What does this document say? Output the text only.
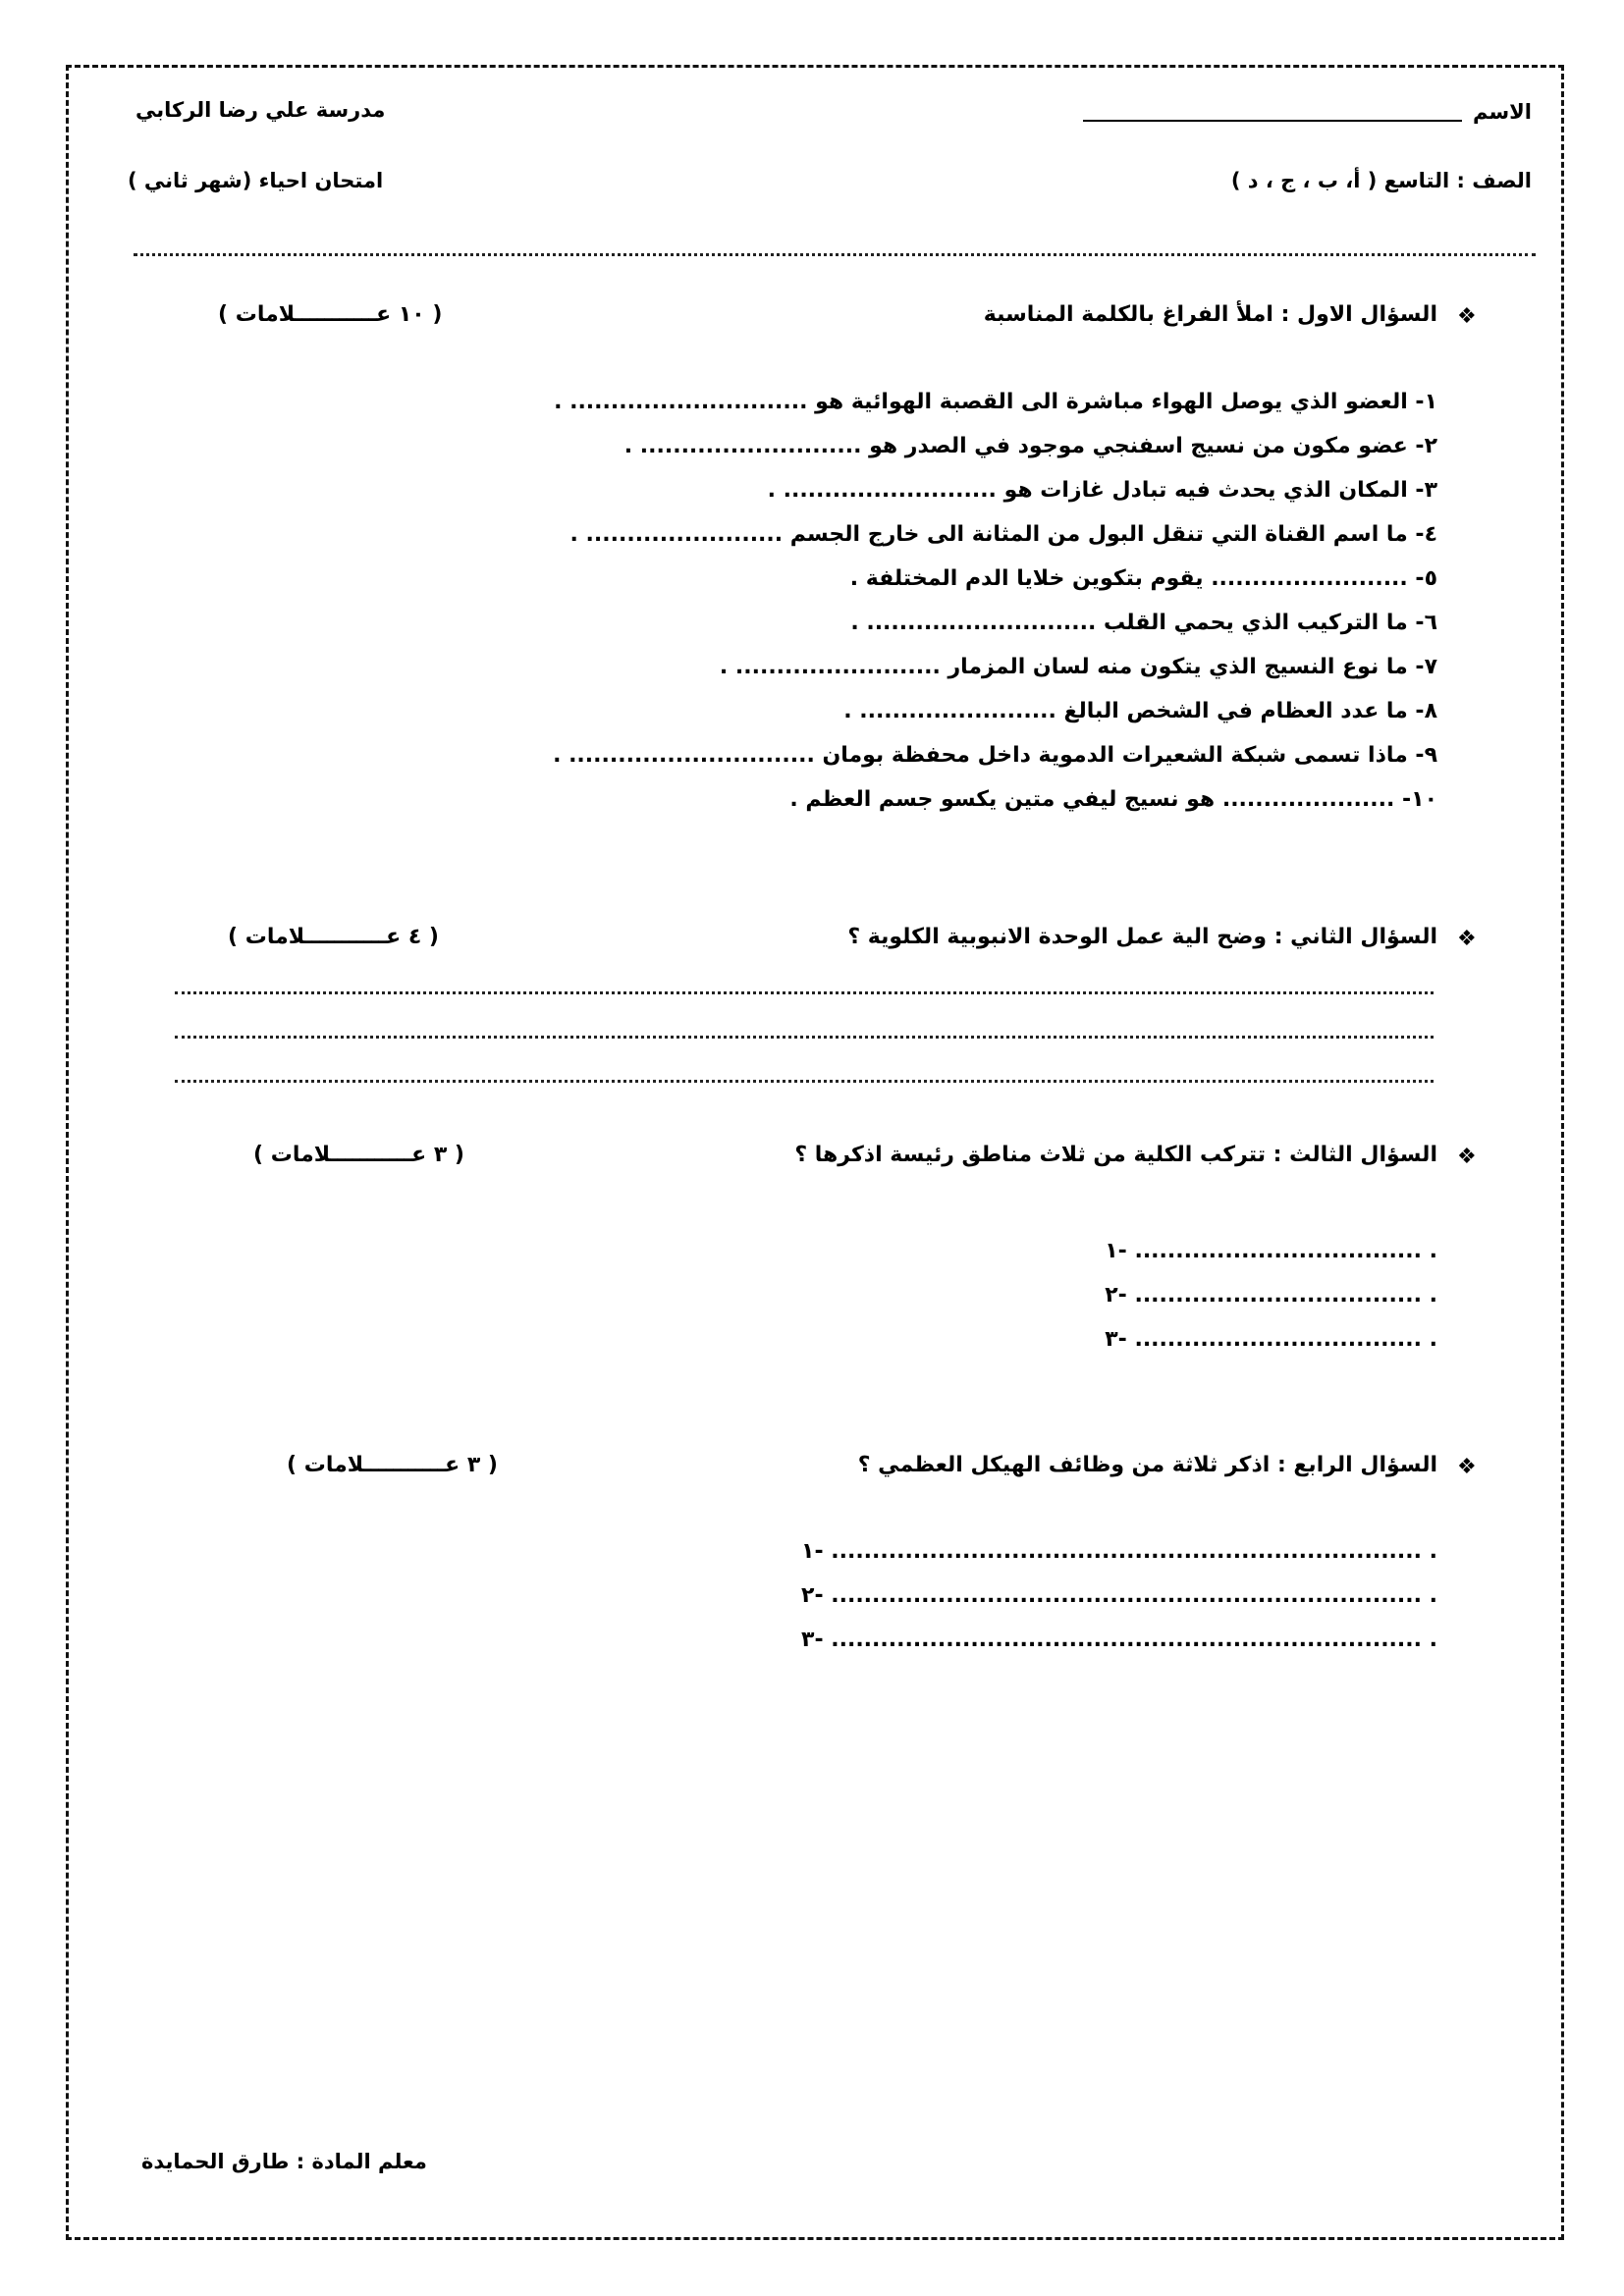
الاسم
مدرسة علي رضا الركابي
الصف : التاسع ( أ، ب ، ج ، د )
امتحان احياء (شهر ثاني )
❖
السؤال الاول : املأ الفراغ بالكلمة المناسبة
( ١٠ عـــــــــــلامات )
١- العضو الذي يوصل الهواء مباشرة الى القصبة الهوائية هو ............................. .
٢- عضو مكون من نسيج اسفنجي موجود في الصدر هو ........................... .
٣- المكان الذي يحدث فيه تبادل غازات هو .......................... .
٤- ما اسم القناة التي تنقل البول من المثانة الى خارج الجسم ........................ .
٥- ........................ يقوم بتكوين خلايا الدم المختلفة .
٦- ما التركيب الذي يحمي القلب ............................ .
٧- ما نوع النسيج الذي يتكون منه لسان المزمار ......................... .
٨- ما عدد العظام في الشخص البالغ ........................ .
٩- ماذا تسمى شبكة الشعيرات الدموية داخل محفظة بومان .............................. .
١٠- ..................... هو نسيج ليفي متين يكسو جسم العظم .
❖
السؤال الثاني : وضح الية عمل الوحدة الانبوبية الكلوية ؟
( ٤ عـــــــــــلامات )
❖
السؤال الثالث : تتركب الكلية من ثلاث مناطق رئيسة اذكرها ؟
( ٣ عـــــــــــلامات )
١- ................................... .
٢- ................................... .
٣- ................................... .
❖
السؤال الرابع : اذكر ثلاثة من وظائف الهيكل العظمي ؟
( ٣ عـــــــــــلامات )
١- ........................................................................ .
٢- ........................................................................ .
٣- ........................................................................ .
معلم المادة : طارق الحمايدة
